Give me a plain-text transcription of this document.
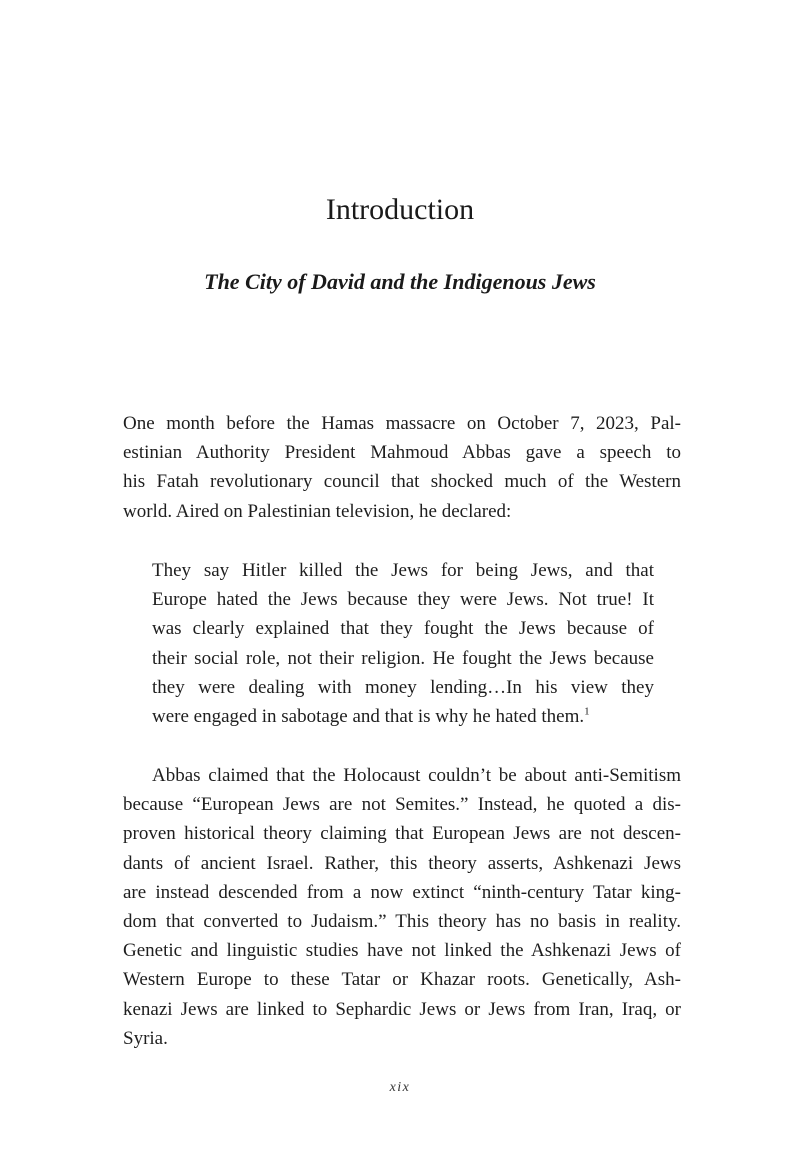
Introduction
The City of David and the Indigenous Jews

One month before the Hamas massacre on October 7, 2023, Pal-
estinian Authority President Mahmoud Abbas gave a speech to
his Fatah revolutionary council that shocked much of the Western
world. Aired on Palestinian television, he declared:

They say Hitler killed the Jews for being Jews, and that
Europe hated the Jews because they were Jews. Not true! It
was clearly explained that they fought the Jews because of
their social role, not their religion. He fought the Jews because
they were dealing with money lending…In his view they
were engaged in sabotage and that is why he hated them.$^1$

Abbas claimed that the Holocaust couldn’t be about anti-Semitism
because “European Jews are not Semites.” Instead, he quoted a dis-
proven historical theory claiming that European Jews are not descen-
dants of ancient Israel. Rather, this theory asserts, Ashkenazi Jews
are instead descended from a now extinct “ninth-century Tatar king-
dom that converted to Judaism.” This theory has no basis in reality.
Genetic and linguistic studies have not linked the Ashkenazi Jews of
Western Europe to these Tatar or Khazar roots. Genetically, Ash-
kenazi Jews are linked to Sephardic Jews or Jews from Iran, Iraq, or
Syria.

xix
